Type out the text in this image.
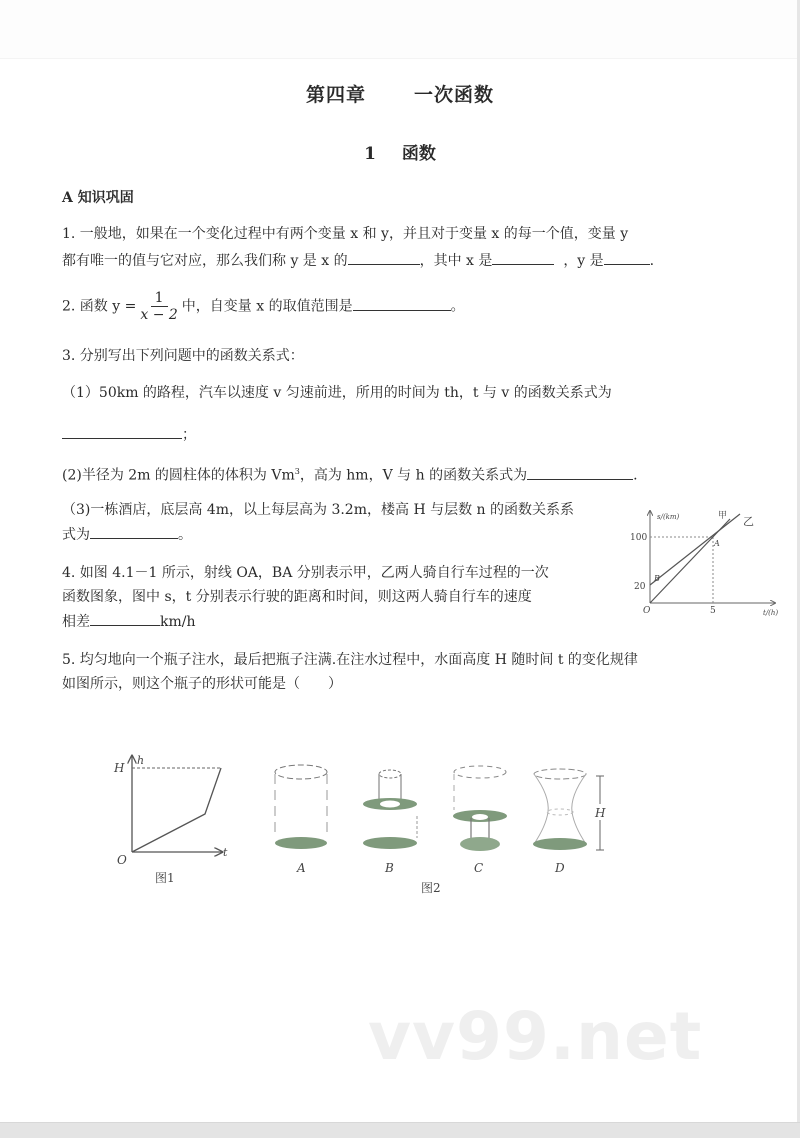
第四章	一次函数
1 函数
A 知识巩固
1. 一般地，如果在一个变化过程中有两个变量 x 和 y，并且对于变量 x 的每一个值，变量 y
都有唯一的值与它对应，那么我们称 y 是 x 的	，其中 x 是	，y 是	.
2. 函数 $y = \frac{1}{x - 2}$ 中，自变量 x 的取值范围是	。
3. 分别写出下列问题中的函数关系式：
（1）50km 的路程，汽车以速度 v 匀速前进，所用的时间为 th，t 与 v 的函数关系式为
；
(2)半径为 2m 的圆柱体的体积为 Vm$^3$，高为 hm，V 与 h 的函数关系式为	.
（3)一栋酒店，底层高 4m，以上每层高为 3.2m，楼高 H 与层数 n 的函数关系系
式为	。
4. 如图 4.1－1 所示，射线 OA，BA 分别表示甲，乙两人骑自行车过程的一次
函数图象，图中 s，t 分别表示行驶的距离和时间，则这两人骑自行车的速度
相差	km/h
s/(km)
t/(h)
100
20
5
O
A
B
甲 乙
5. 均匀地向一个瓶子注水，最后把瓶子注满.在注水过程中，水面高度 H 随时间 t 的变化规律
如图所示，则这个瓶子的形状可能是（　　）
h
t
H
O
图1
A	B	C
H
D
图2
vv99.net
